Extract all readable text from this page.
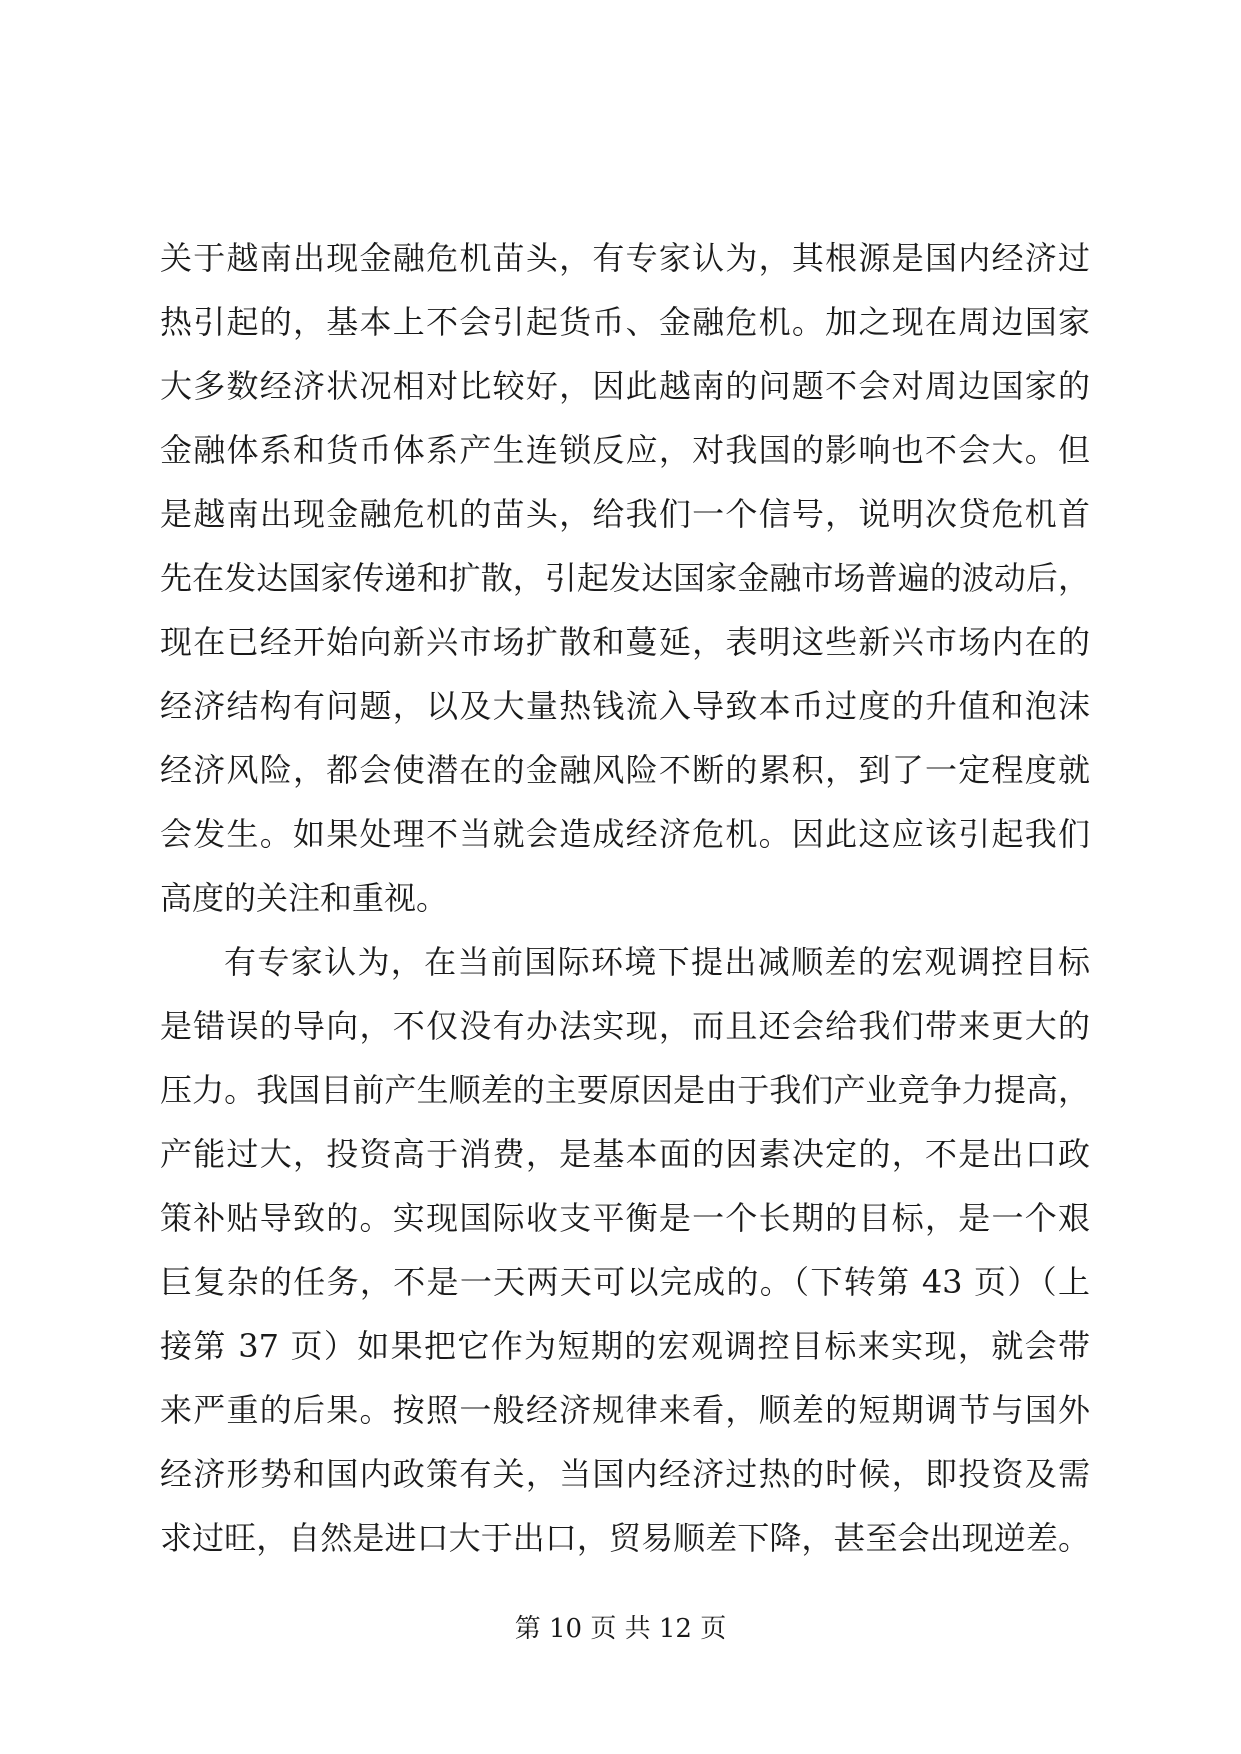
关于越南出现金融危机苗头，有专家认为，其根源是国内经济过
热引起的，基本上不会引起货币、金融危机。加之现在周边国家
大多数经济状况相对比较好，因此越南的问题不会对周边国家的
金融体系和货币体系产生连锁反应，对我国的影响也不会大。但
是越南出现金融危机的苗头，给我们一个信号，说明次贷危机首
先在发达国家传递和扩散，引起发达国家金融市场普遍的波动后，
现在已经开始向新兴市场扩散和蔓延，表明这些新兴市场内在的
经济结构有问题，以及大量热钱流入导致本币过度的升值和泡沫
经济风险，都会使潜在的金融风险不断的累积，到了一定程度就
会发生。如果处理不当就会造成经济危机。因此这应该引起我们
高度的关注和重视。
有专家认为，在当前国际环境下提出减顺差的宏观调控目标
是错误的导向，不仅没有办法实现，而且还会给我们带来更大的
压力。我国目前产生顺差的主要原因是由于我们产业竞争力提高，
产能过大，投资高于消费，是基本面的因素决定的，不是出口政
策补贴导致的。实现国际收支平衡是一个长期的目标，是一个艰
巨复杂的任务，不是一天两天可以完成的。（下转第 43 页）（上
接第 37 页）如果把它作为短期的宏观调控目标来实现，就会带
来严重的后果。按照一般经济规律来看，顺差的短期调节与国外
经济形势和国内政策有关，当国内经济过热的时候，即投资及需
求过旺，自然是进口大于出口，贸易顺差下降，甚至会出现逆差。
第 10 页 共 12 页
